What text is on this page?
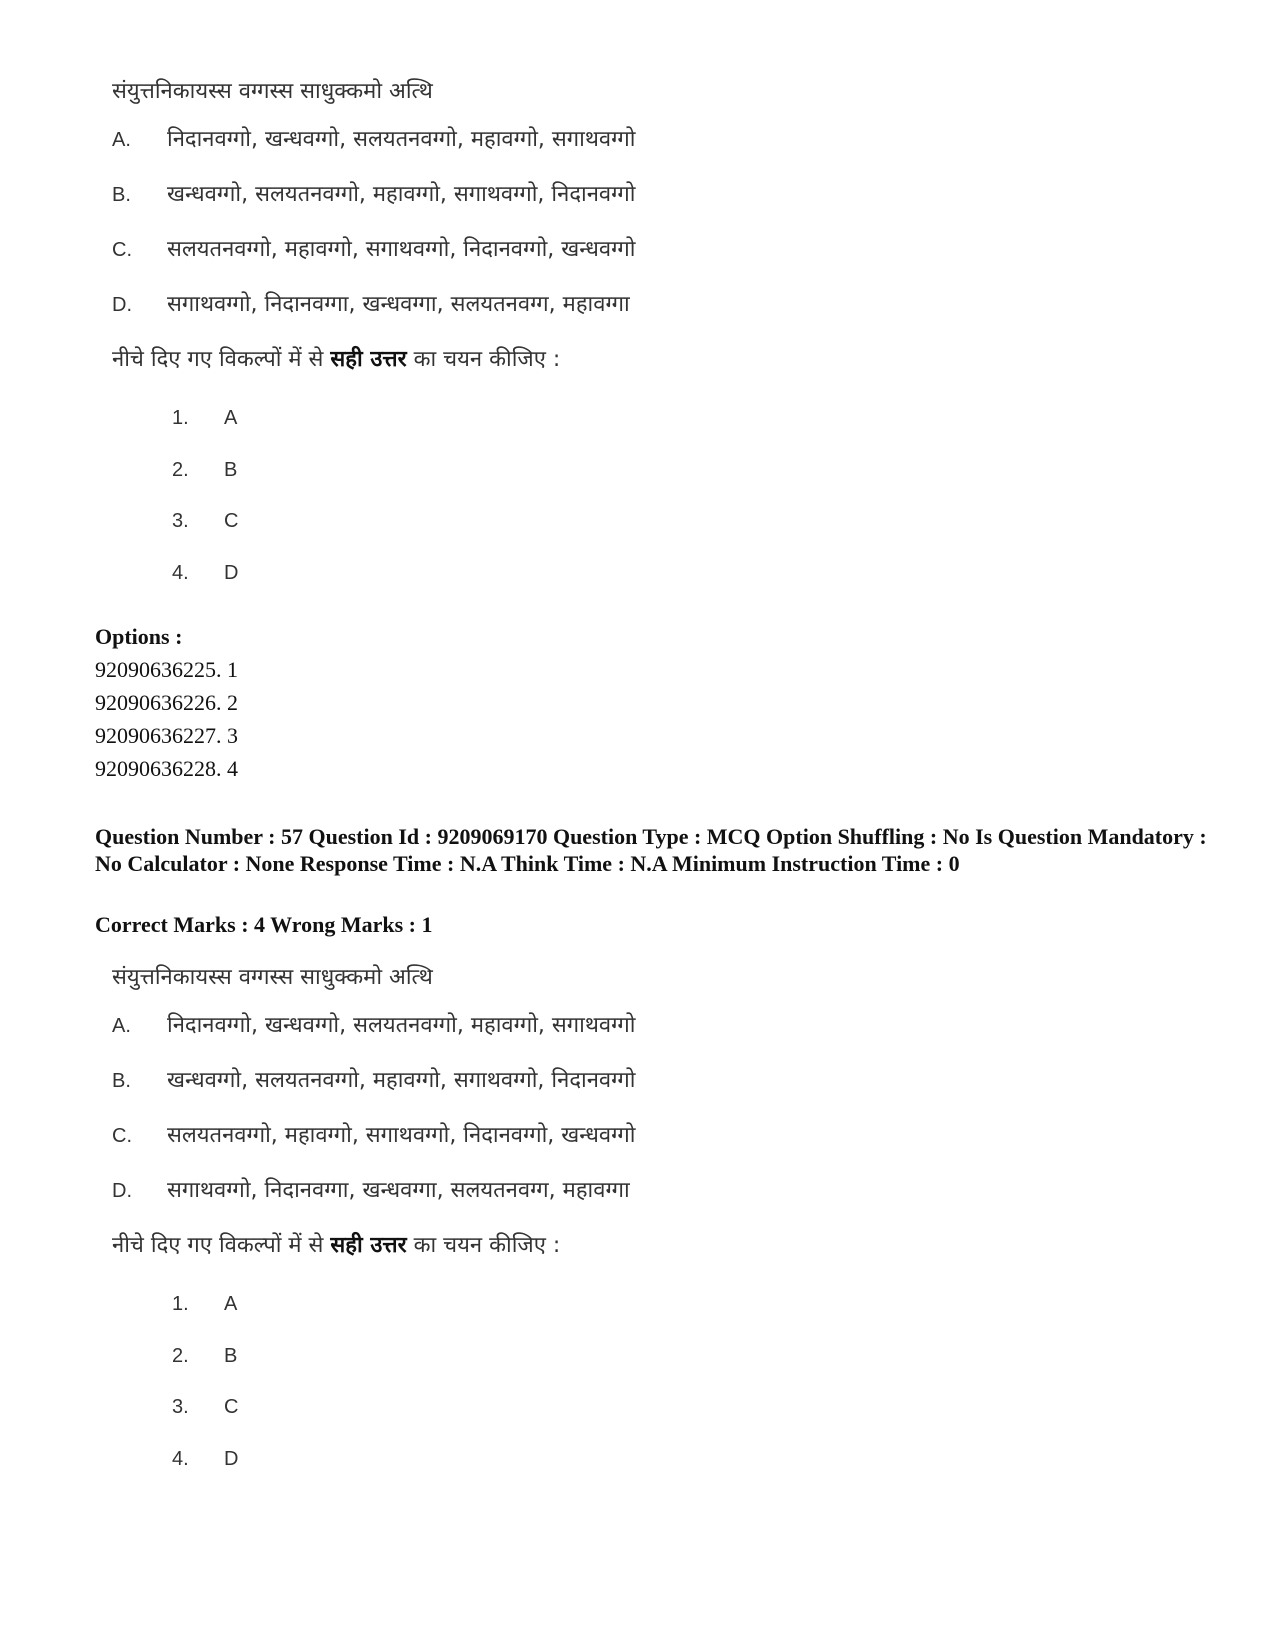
संयुत्तनिकायस्स वग्गस्स साधुक्कमो अत्थि
A.	निदानवग्गो, खन्धवग्गो, सलयतनवग्गो, महावग्गो, सगाथवग्गो
B.	खन्धवग्गो, सलयतनवग्गो, महावग्गो, सगाथवग्गो, निदानवग्गो
C.	सलयतनवग्गो, महावग्गो, सगाथवग्गो, निदानवग्गो, खन्धवग्गो
D.	सगाथवग्गो, निदानवग्गा, खन्धवग्गा, सलयतनवग्ग, महावग्गा
नीचे दिए गए विकल्पों में से सही उत्तर का चयन कीजिए :
1.	A
2.	B
3.	C
4.	D
Options :
92090636225. 1
92090636226. 2
92090636227. 3
92090636228. 4
Question Number : 57 Question Id : 9209069170 Question Type : MCQ Option Shuffling : No Is Question Mandatory : No Calculator : None Response Time : N.A Think Time : N.A Minimum Instruction Time : 0
Correct Marks : 4 Wrong Marks : 1
संयुत्तनिकायस्स वग्गस्स साधुक्कमो अत्थि
A.	निदानवग्गो, खन्धवग्गो, सलयतनवग्गो, महावग्गो, सगाथवग्गो
B.	खन्धवग्गो, सलयतनवग्गो, महावग्गो, सगाथवग्गो, निदानवग्गो
C.	सलयतनवग्गो, महावग्गो, सगाथवग्गो, निदानवग्गो, खन्धवग्गो
D.	सगाथवग्गो, निदानवग्गा, खन्धवग्गा, सलयतनवग्ग, महावग्गा
नीचे दिए गए विकल्पों में से सही उत्तर का चयन कीजिए :
1.	A
2.	B
3.	C
4.	D
